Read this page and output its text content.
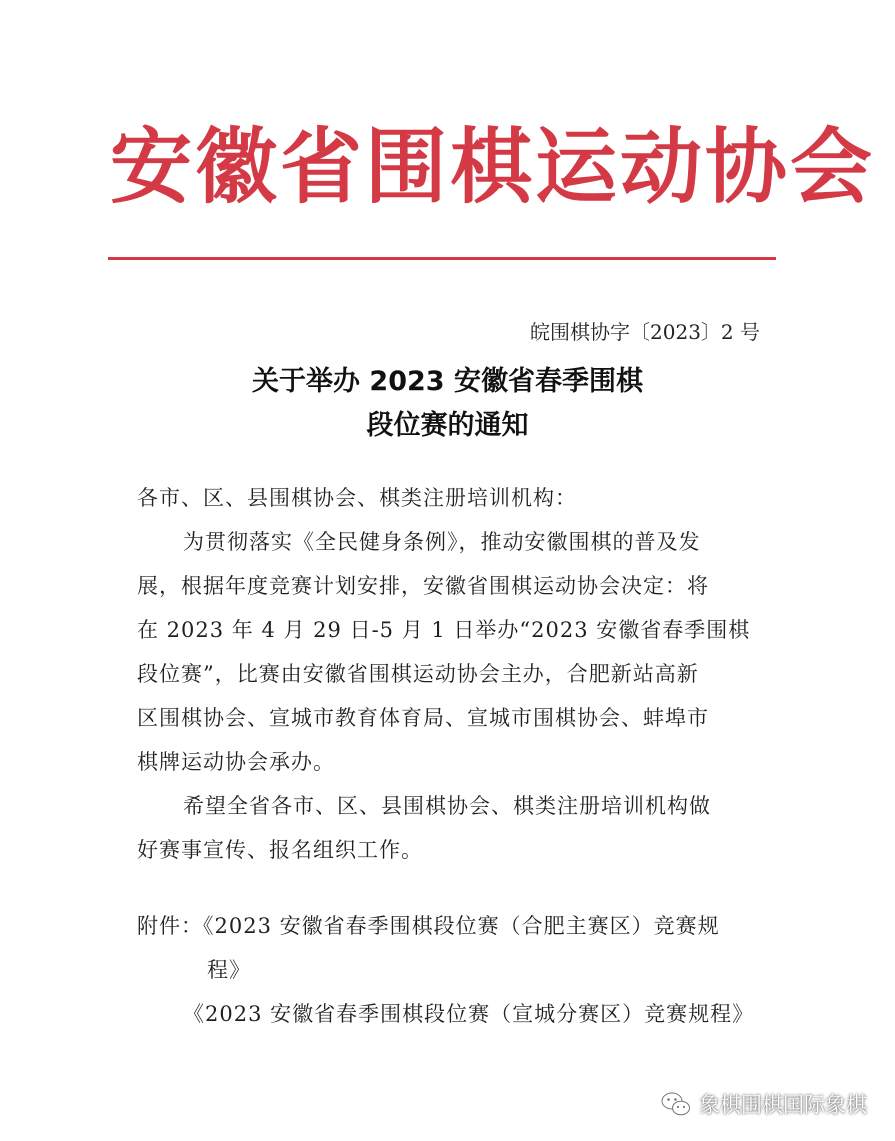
安徽省围棋运动协会
皖围棋协字〔2023〕2 号
关于举办 2023 安徽省春季围棋
段位赛的通知
各市、区、县围棋协会、棋类注册培训机构：
为贯彻落实《全民健身条例》，推动安徽围棋的普及发
展，根据年度竞赛计划安排，安徽省围棋运动协会决定：将
在 2023 年 4 月 29 日-5 月 1 日举办“2023 安徽省春季围棋
段位赛”，比赛由安徽省围棋运动协会主办，合肥新站高新
区围棋协会、宣城市教育体育局、宣城市围棋协会、蚌埠市
棋牌运动协会承办。
希望全省各市、区、县围棋协会、棋类注册培训机构做
好赛事宣传、报名组织工作。
附件：《2023 安徽省春季围棋段位赛（合肥主赛区）竞赛规
程》
《2023 安徽省春季围棋段位赛（宣城分赛区）竞赛规程》
象棋围棋国际象棋
